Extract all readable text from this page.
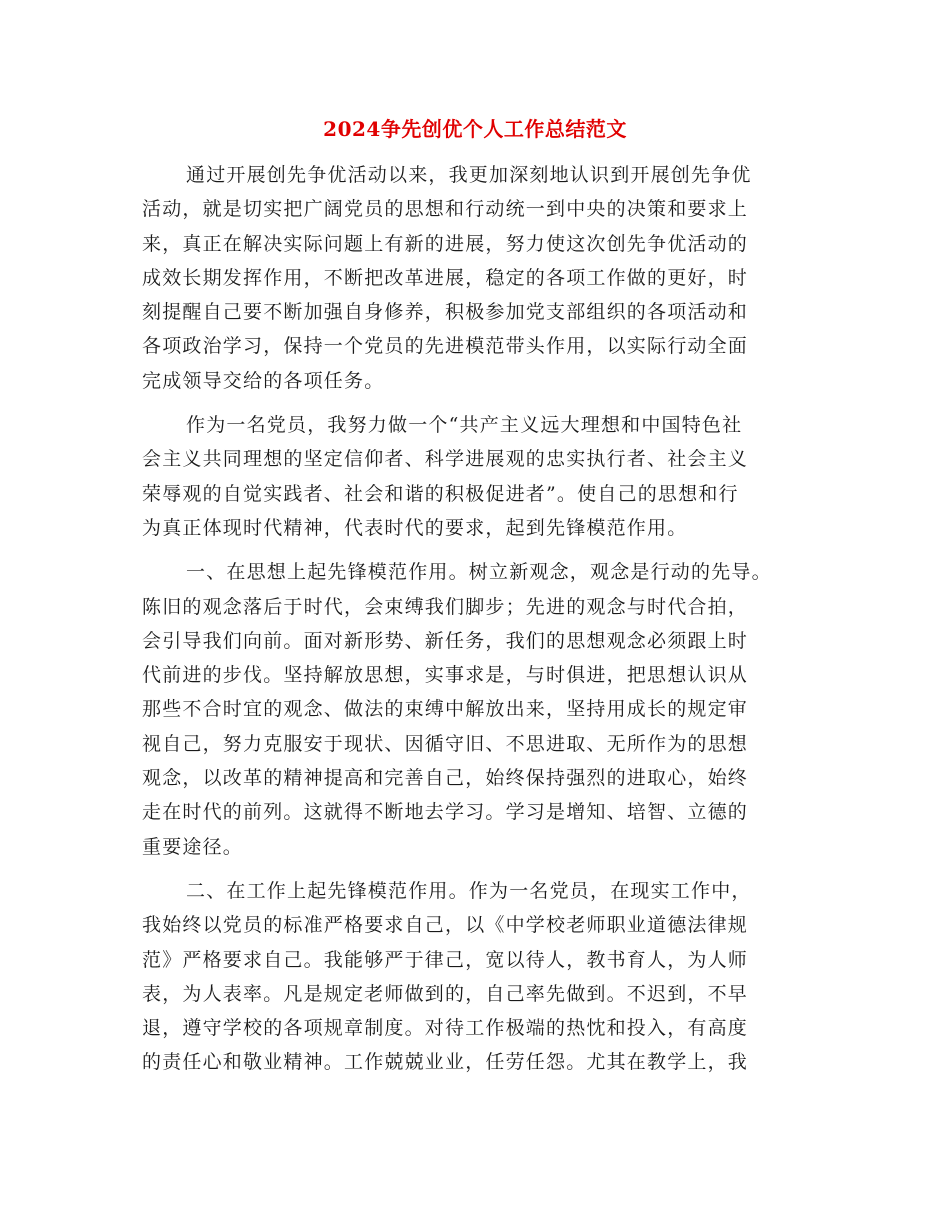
2024争先创优个人工作总结范文
通过开展创先争优活动以来，我更加深刻地认识到开展创先争优
活动，就是切实把广阔党员的思想和行动统一到中央的决策和要求上
来，真正在解决实际问题上有新的进展，努力使这次创先争优活动的
成效长期发挥作用，不断把改革进展，稳定的各项工作做的更好，时
刻提醒自己要不断加强自身修养，积极参加党支部组织的各项活动和
各项政治学习，保持一个党员的先进模范带头作用，以实际行动全面
完成领导交给的各项任务。
作为一名党员，我努力做一个“共产主义远大理想和中国特色社
会主义共同理想的坚定信仰者、科学进展观的忠实执行者、社会主义
荣辱观的自觉实践者、社会和谐的积极促进者”。使自己的思想和行
为真正体现时代精神，代表时代的要求，起到先锋模范作用。
一、在思想上起先锋模范作用。树立新观念，观念是行动的先导。
陈旧的观念落后于时代，会束缚我们脚步；先进的观念与时代合拍，
会引导我们向前。面对新形势、新任务，我们的思想观念必须跟上时
代前进的步伐。坚持解放思想，实事求是，与时俱进，把思想认识从
那些不合时宜的观念、做法的束缚中解放出来，坚持用成长的规定审
视自己，努力克服安于现状、因循守旧、不思进取、无所作为的思想
观念，以改革的精神提高和完善自己，始终保持强烈的进取心，始终
走在时代的前列。这就得不断地去学习。学习是增知、培智、立德的
重要途径。
二、在工作上起先锋模范作用。作为一名党员，在现实工作中，
我始终以党员的标准严格要求自己，以《中学校老师职业道德法律规
范》严格要求自己。我能够严于律己，宽以待人，教书育人，为人师
表，为人表率。凡是规定老师做到的，自己率先做到。不迟到，不早
退，遵守学校的各项规章制度。对待工作极端的热忱和投入，有高度
的责任心和敬业精神。工作兢兢业业，任劳任怨。尤其在教学上，我
